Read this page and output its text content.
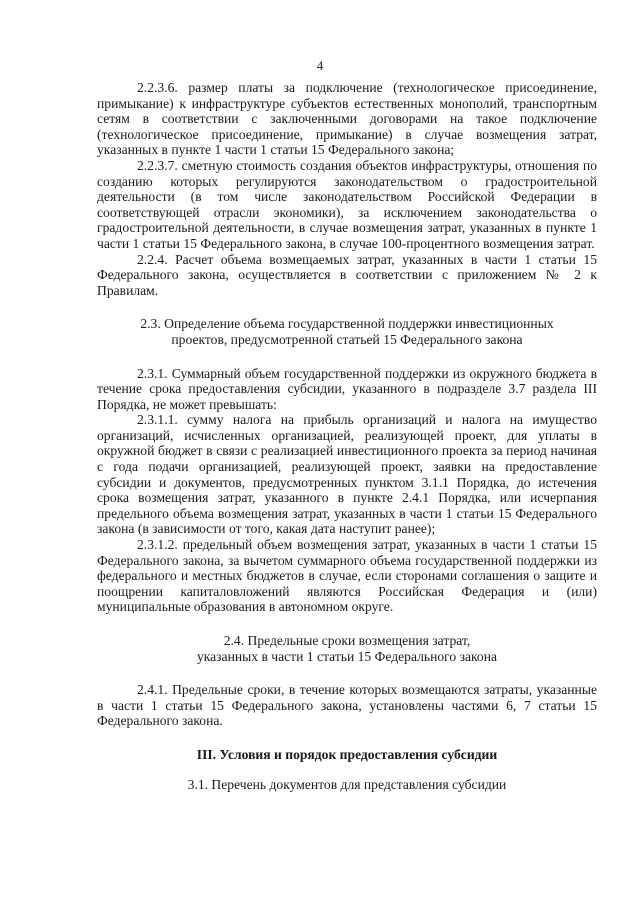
4

2.2.3.6. размер платы за подключение (технологическое присоединение, примыкание) к инфраструктуре субъектов естественных монополий, транспортным сетям в соответствии с заключенными договорами на такое подключение (технологическое присоединение, примыкание) в случае возмещения затрат, указанных в пункте 1 части 1 статьи 15 Федерального закона;

2.2.3.7. сметную стоимость создания объектов инфраструктуры, отношения по созданию которых регулируются законодательством о градостроительной деятельности (в том числе законодательством Российской Федерации в соответствующей отрасли экономики), за исключением законодательства о градостроительной деятельности, в случае возмещения затрат, указанных в пункте 1 части 1 статьи 15 Федерального закона, в случае 100-процентного возмещения затрат.

2.2.4. Расчет объема возмещаемых затрат, указанных в части 1 статьи 15 Федерального закона, осуществляется в соответствии с приложением № 2 к Правилам.

2.3. Определение объема государственной поддержки инвестиционных

проектов, предусмотренной статьей 15 Федерального закона

2.3.1. Суммарный объем государственной поддержки из окружного бюджета в течение срока предоставления субсидии, указанного в подразделе 3.7 раздела III Порядка, не может превышать:

2.3.1.1. сумму налога на прибыль организаций и налога на имущество организаций, исчисленных организацией, реализующей проект, для уплаты в окружной бюджет в связи с реализацией инвестиционного проекта за период начиная с года подачи организацией, реализующей проект, заявки на предоставление субсидии и документов, предусмотренных пунктом 3.1.1 Порядка, до истечения срока возмещения затрат, указанного в пункте 2.4.1 Порядка, или исчерпания предельного объема возмещения затрат, указанных в части 1 статьи 15 Федерального закона (в зависимости от того, какая дата наступит ранее);

2.3.1.2. предельный объем возмещения затрат, указанных в части 1 статьи 15 Федерального закона, за вычетом суммарного объема государственной поддержки из федерального и местных бюджетов в случае, если сторонами соглашения о защите и поощрении капиталовложений являются Российская Федерация и (или) муниципальные образования в автономном округе.

2.4. Предельные сроки возмещения затрат,

указанных в части 1 статьи 15 Федерального закона

2.4.1. Предельные сроки, в течение которых возмещаются затраты, указанные в части 1 статьи 15 Федерального закона, установлены частями 6, 7 статьи 15 Федерального закона.

III. Условия и порядок предоставления субсидии

3.1. Перечень документов для представления субсидии
